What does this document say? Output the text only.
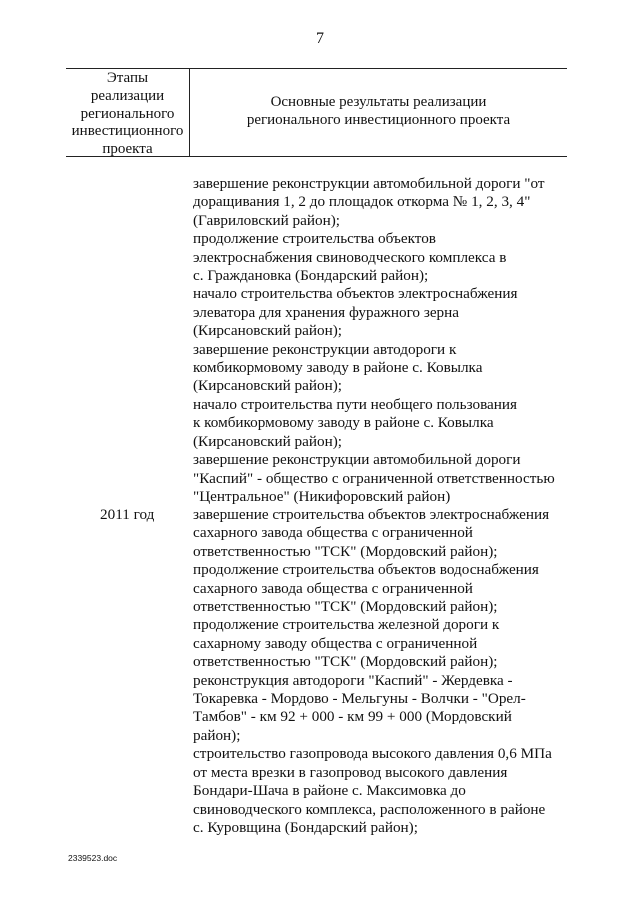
7
Этапы
реализации
регионального
инвестиционного
проекта
Основные результаты реализации
регионального инвестиционного проекта
завершение реконструкции автомобильной дороги "от
доращивания 1, 2 до площадок откорма № 1, 2, 3, 4"
(Гавриловский район);
продолжение строительства объектов
электроснабжения свиноводческого комплекса в
с. Граждановка (Бондарский район);
начало строительства объектов электроснабжения
элеватора для хранения фуражного зерна
(Кирсановский район);
завершение реконструкции автодороги к
комбикормовому заводу в районе с. Ковылка
(Кирсановский район);
начало строительства пути необщего пользования
к комбикормовому заводу в районе с. Ковылка
(Кирсановский район);
завершение реконструкции автомобильной дороги
"Каспий" - общество с ограниченной ответственностью
"Центральное" (Никифоровский район)
2011 год	завершение строительства объектов электроснабжения
сахарного завода общества с ограниченной
ответственностью "ТСК" (Мордовский район);
продолжение строительства объектов водоснабжения
сахарного завода общества с ограниченной
ответственностью "ТСК" (Мордовский район);
продолжение строительства железной дороги к
сахарному заводу общества с ограниченной
ответственностью "ТСК" (Мордовский район);
реконструкция автодороги "Каспий" - Жердевка -
Токаревка - Мордово - Мельгуны - Волчки - "Орел-
Тамбов" - км 92 + 000 - км 99 + 000 (Мордовский
район);
строительство газопровода высокого давления 0,6 МПа
от места врезки в газопровод высокого давления
Бондари-Шача в районе с. Максимовка до
свиноводческого комплекса, расположенного в районе
с. Куровщина (Бондарский район);
2339523.doc
